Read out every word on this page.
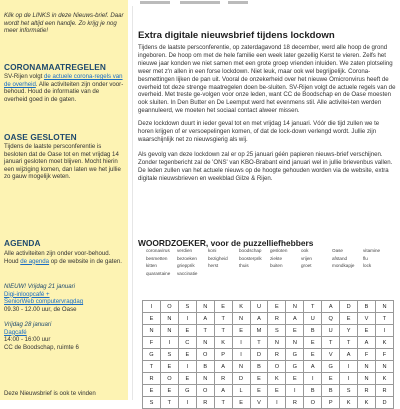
Klik op de LINKS in deze Nieuws-brief. Daar wordt het altijd een handje. Zo krijg je nog meer informatie!
CORONAMAATREGELEN
SV-Rijen volgt de actuele corona-regels van de overheid. Alle activiteiten zijn onder voor-behoud. Houd de informatie van de overheid goed in de gaten.
OASE GESLOTEN
Tijdens de laatste persconferentie is besloten dat de Oase tot en met vrijdag 14 januari gesloten moet blijven. Mocht hierin een wijziging komen, dan laten we het jullie zo gauw mogelijk weten.
AGENDA
Alle activiteiten zijn onder voor-behoud. Houd de agenda op de website in de gaten.
NIEUW! Vrijdag 21 januari
Digi-inloopcafé +
SeniorWeb computervragdag
09.30 - 12.00 uur, de Oase
Vrijdag 28 januari
Dagcafé
14:00 - 16:00 uur
CC de Boodschap, ruimte 6
Deze Nieuwsbrief is ook te vinden
Extra digitale nieuwsbrief tijdens lockdown
Tijdens de laatste persconferentie, op zaterdagavond 18 december, werd alle hoop de grond ingeboren. De hoop om met de hele familie een week later gezellig Kerst te vieren. Zelfs het nieuwe jaar konden we niet samen met een grote groep vrienden inluiden. We zaten plotseling weer met z'n allen in een forse lockdown. Niet leuk, maar ook wel begrijpelijk. Corona-besmettingen lijken de pan uit. Vooral de onzekerheid over het nieuwe Omicronvirus heeft de overheid tot deze strenge maatregelen doen be-sluiten. SV-Rijen volgt de actuele regels van de overheid. Met treste ge-volgen voor onze leden, want CC de Boodschap en de Oase moesten ook sluiten. In Den Butter en De Leemput werd het evenmens stil. Alle activitei-ten werden geannuleerd, we moeten het sociaal contact alweer missen.
Deze lockdown duurt in ieder geval tot en met vrijdag 14 januari. Vóór die tijd zullen we te horen krijgen of er versoepelingen komen, of dat de lock-down verlengd wordt. Jullie zijn waarschijnlijk net zo nieuwsgierig als wij.
Als gevolg van deze lockdown zal er op 25 januari géén papieren nieuws-brief verschijnen. Zonder tegenbericht zal de 'ONS' van KBO-Brabant eind januari wel in jullie brievenbus vallen. De leden zullen van het actuele nieuws op de hoogte gehouden worden via de website, extra digitale nieuwsbrieven en weekblad Gilze & Rijen.
WOORDZOEKER, voor de puzzelliefhebbers
coronavirus
besmetten
kitten
quarantaine
verdien
bezoeken
griepprik
vaccinatie
koni
bezigheid
herst
boodschap
boosterprik
thuis
gesloten
ziekte
buiten
ook
vrijen
groet
Oase
afstand
mondkapje
vitamine
flu
lock
I	O	S	N	E	K	U	E	N	T	A	D	B	N
E	N	I	A	T	N	A	R	A	U	Q	E	V	T
N	N	E	T	T	E	M	S	E	B	U	Y	E	I
F	I	C	N	K	I	T	N	N	E	T	T	A	K
G	S	E	O	P	I	D	R	G	E	V	A	F	F
T	E	I	B	A	N	B	O	G	A	G	I	N	N
R	O	E	N	R	D	E	K	E	I	E	I	N	K
E	E	G	O	A	L	E	E	I	B	B	S	R	R
S	T	I	R	T	E	V	I	R	O	P	K	K	D
